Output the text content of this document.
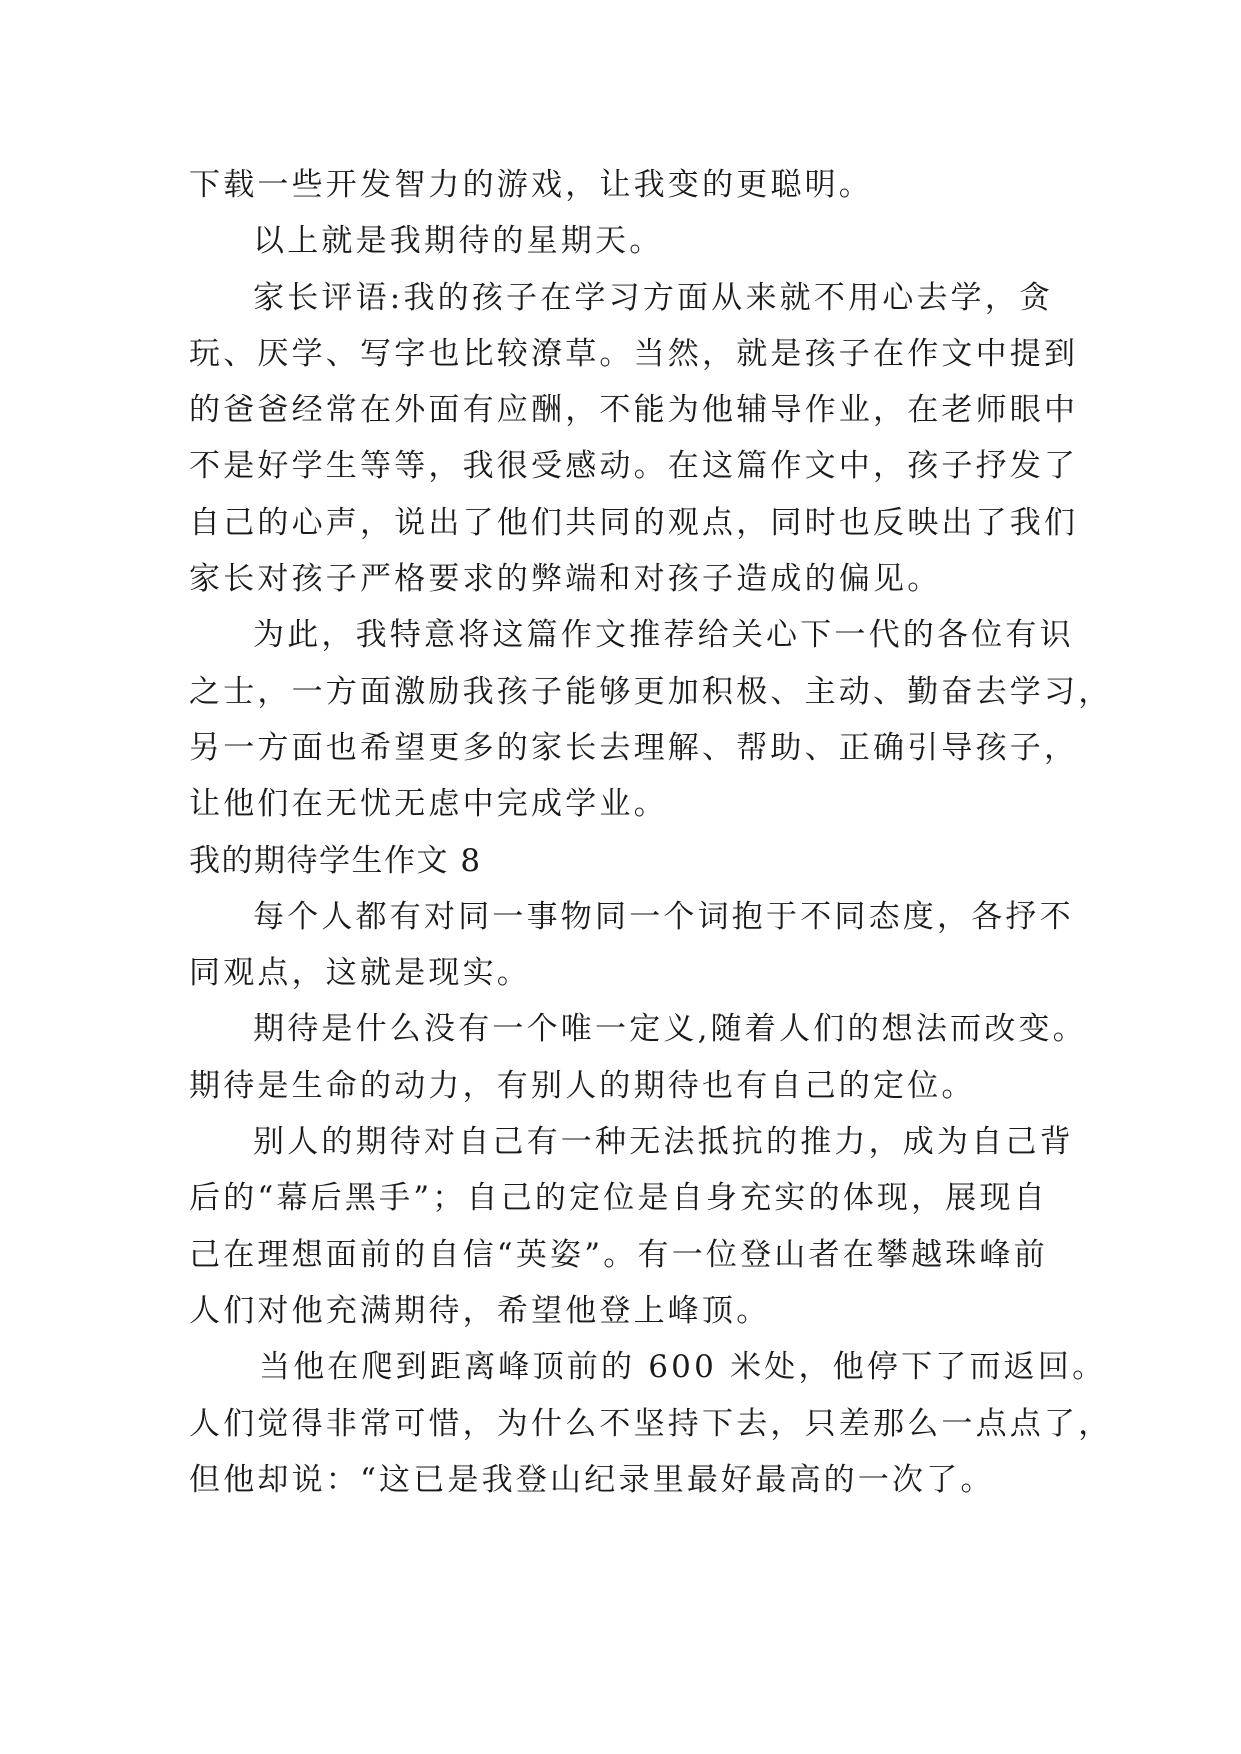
下载一些开发智力的游戏，让我变的更聪明。
以上就是我期待的星期天。
家长评语:我的孩子在学习方面从来就不用心去学，贪
玩、厌学、写字也比较潦草。当然，就是孩子在作文中提到
的爸爸经常在外面有应酬，不能为他辅导作业，在老师眼中
不是好学生等等，我很受感动。在这篇作文中，孩子抒发了
自己的心声，说出了他们共同的观点，同时也反映出了我们
家长对孩子严格要求的弊端和对孩子造成的偏见。
为此，我特意将这篇作文推荐给关心下一代的各位有识
之士，一方面激励我孩子能够更加积极、主动、勤奋去学习，
另一方面也希望更多的家长去理解、帮助、正确引导孩子，
让他们在无忧无虑中完成学业。
我的期待学生作文 8
每个人都有对同一事物同一个词抱于不同态度，各抒不
同观点，这就是现实。
期待是什么没有一个唯一定义,随着人们的想法而改变。
期待是生命的动力，有别人的期待也有自己的定位。
别人的期待对自己有一种无法抵抗的推力，成为自己背
后的“幕后黑手”；自己的定位是自身充实的体现，展现自
己在理想面前的自信“英姿”。有一位登山者在攀越珠峰前
人们对他充满期待，希望他登上峰顶。
当他在爬到距离峰顶前的 600 米处，他停下了而返回。
人们觉得非常可惜，为什么不坚持下去，只差那么一点点了，
但他却说：“这已是我登山纪录里最好最高的一次了。
